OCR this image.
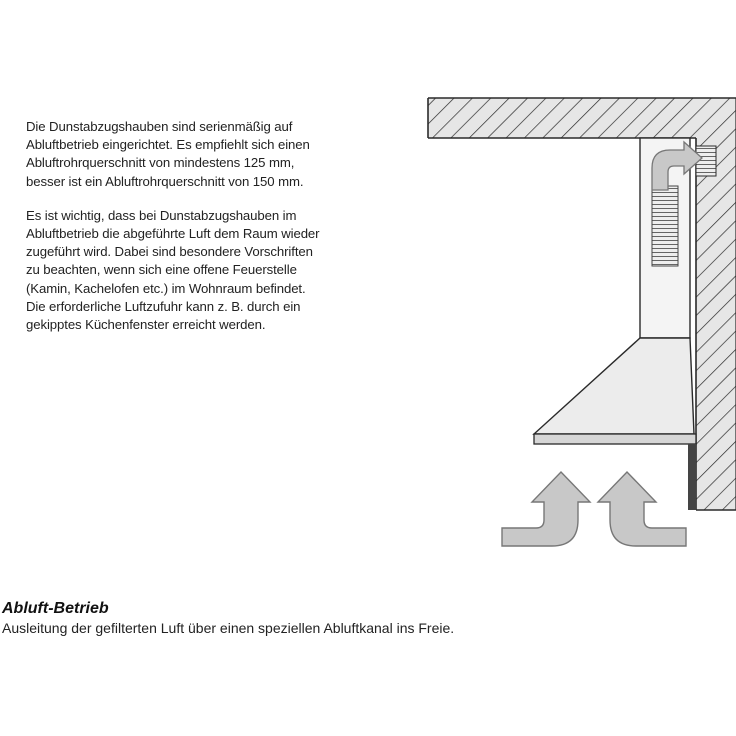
Die Dunstabzugshauben sind serienmäßig auf
Abluftbetrieb eingerichtet. Es empfiehlt sich einen
Abluftrohrquerschnitt von mindestens 125 mm,
besser ist ein Abluftrohrquerschnitt von 150 mm.

Es ist wichtig, dass bei Dunstabzugshauben im
Abluftbetrieb die abgeführte Luft dem Raum wieder
zugeführt wird. Dabei sind besondere Vorschriften
zu beachten, wenn sich eine offene Feuerstelle
(Kamin, Kachelofen etc.) im Wohnraum befindet.
Die erforderliche Luftzufuhr kann z. B. durch ein
gekipptes Küchenfenster erreicht werden.

Abluft-Betrieb
Ausleitung der gefilterten Luft über einen speziellen Abluftkanal ins Freie.
